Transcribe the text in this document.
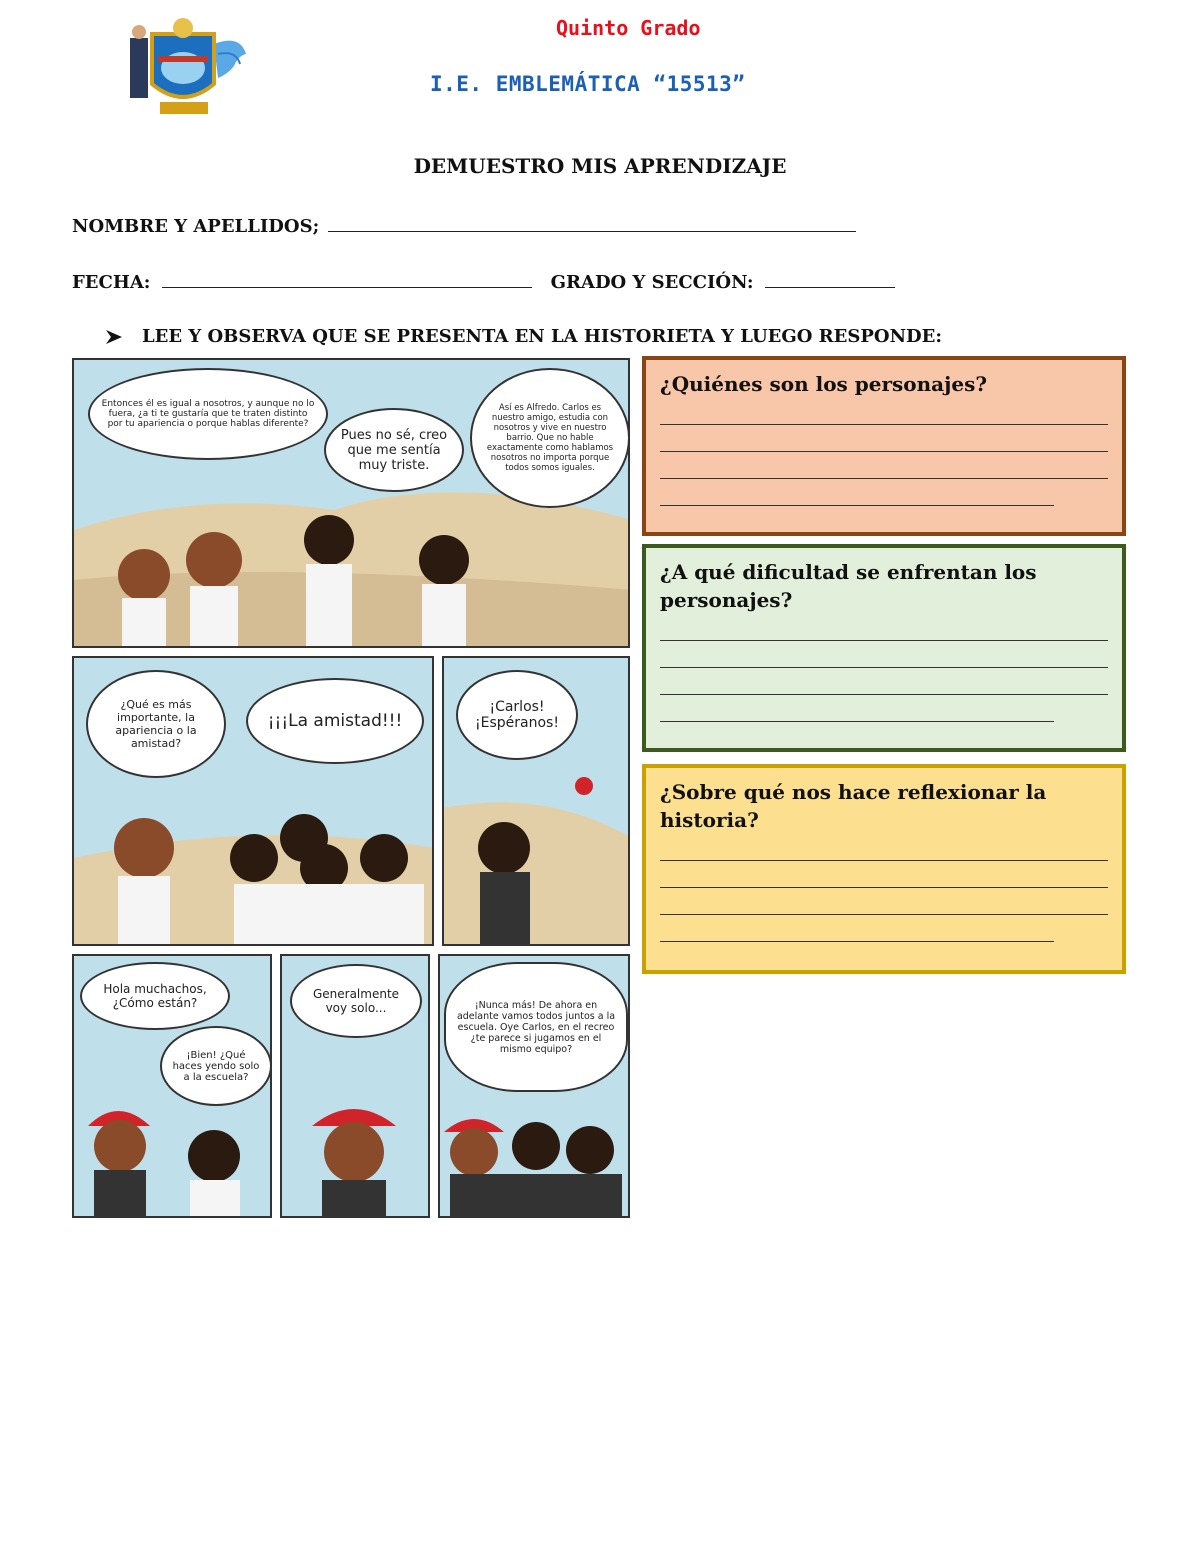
Quinto Grado
I.E. EMBLEMÁTICA “15513”
DEMUESTRO MIS APRENDIZAJE
NOMBRE Y APELLIDOS;
FECHA:	GRADO Y SECCIÓN:
LEE Y OBSERVA QUE SE PRESENTA EN LA HISTORIETA Y LUEGO RESPONDE:
Entonces él es igual a nosotros, y aunque no lo fuera, ¿a ti te gustaría que te traten distinto por tu apariencia o porque hablas diferente?
Pues no sé, creo que me sentía muy triste.
Así es Alfredo. Carlos es nuestro amigo, estudia con nosotros y vive en nuestro barrio. Que no hable exactamente como hablamos nosotros no importa porque todos somos iguales.
¿Qué es más importante, la apariencia o la amistad?
¡¡¡La amistad!!!
¡Carlos! ¡Espéranos!
Hola muchachos, ¿Cómo están?
¡Bien! ¿Qué haces yendo solo a la escuela?
Generalmente voy solo...	¡Nunca más! De ahora en adelante vamos todos juntos a la escuela. Oye Carlos, en el recreo ¿te parece si jugamos en el mismo equipo?
¿Quiénes son los personajes?
¿A qué dificultad se enfrentan los personajes?
¿Sobre qué nos hace reflexionar la historia?
